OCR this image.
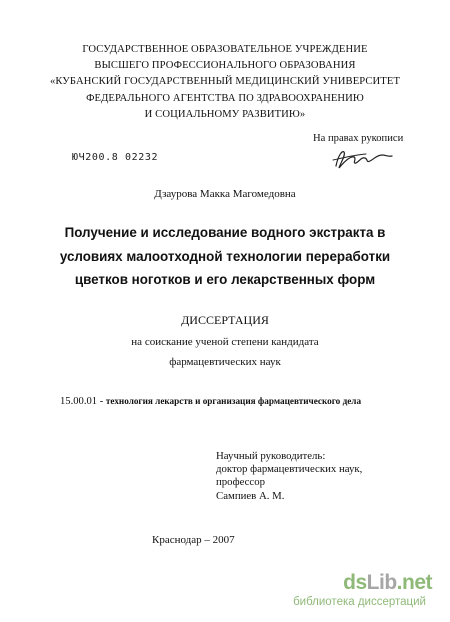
ГОСУДАРСТВЕННОЕ ОБРАЗОВАТЕЛЬНОЕ УЧРЕЖДЕНИЕ
ВЫСШЕГО ПРОФЕССИОНАЛЬНОГО ОБРАЗОВАНИЯ
«КУБАНСКИЙ ГОСУДАРСТВЕННЫЙ МЕДИЦИНСКИЙ УНИВЕРСИТЕТ
ФЕДЕРАЛЬНОГО АГЕНТСТВА ПО ЗДРАВООХРАНЕНИЮ
И СОЦИАЛЬНОМУ РАЗВИТИЮ»
На правах рукописи
ЮЧ200.8 02232
Дзаурова Макка Магомедовна
Получение и исследование водного экстракта в
условиях малоотходной технологии переработки
цветков ноготков и его лекарственных форм
ДИССЕРТАЦИЯ
на соискание ученой степени кандидата
фармацевтических наук
15.00.01 - технология лекарств и организация фармацевтического дела
Научный руководитель:
доктор фармацевтических наук,
профессор
Сампиев А. М.
Краснодар – 2007
dsLib.net
библиотека диссертаций
